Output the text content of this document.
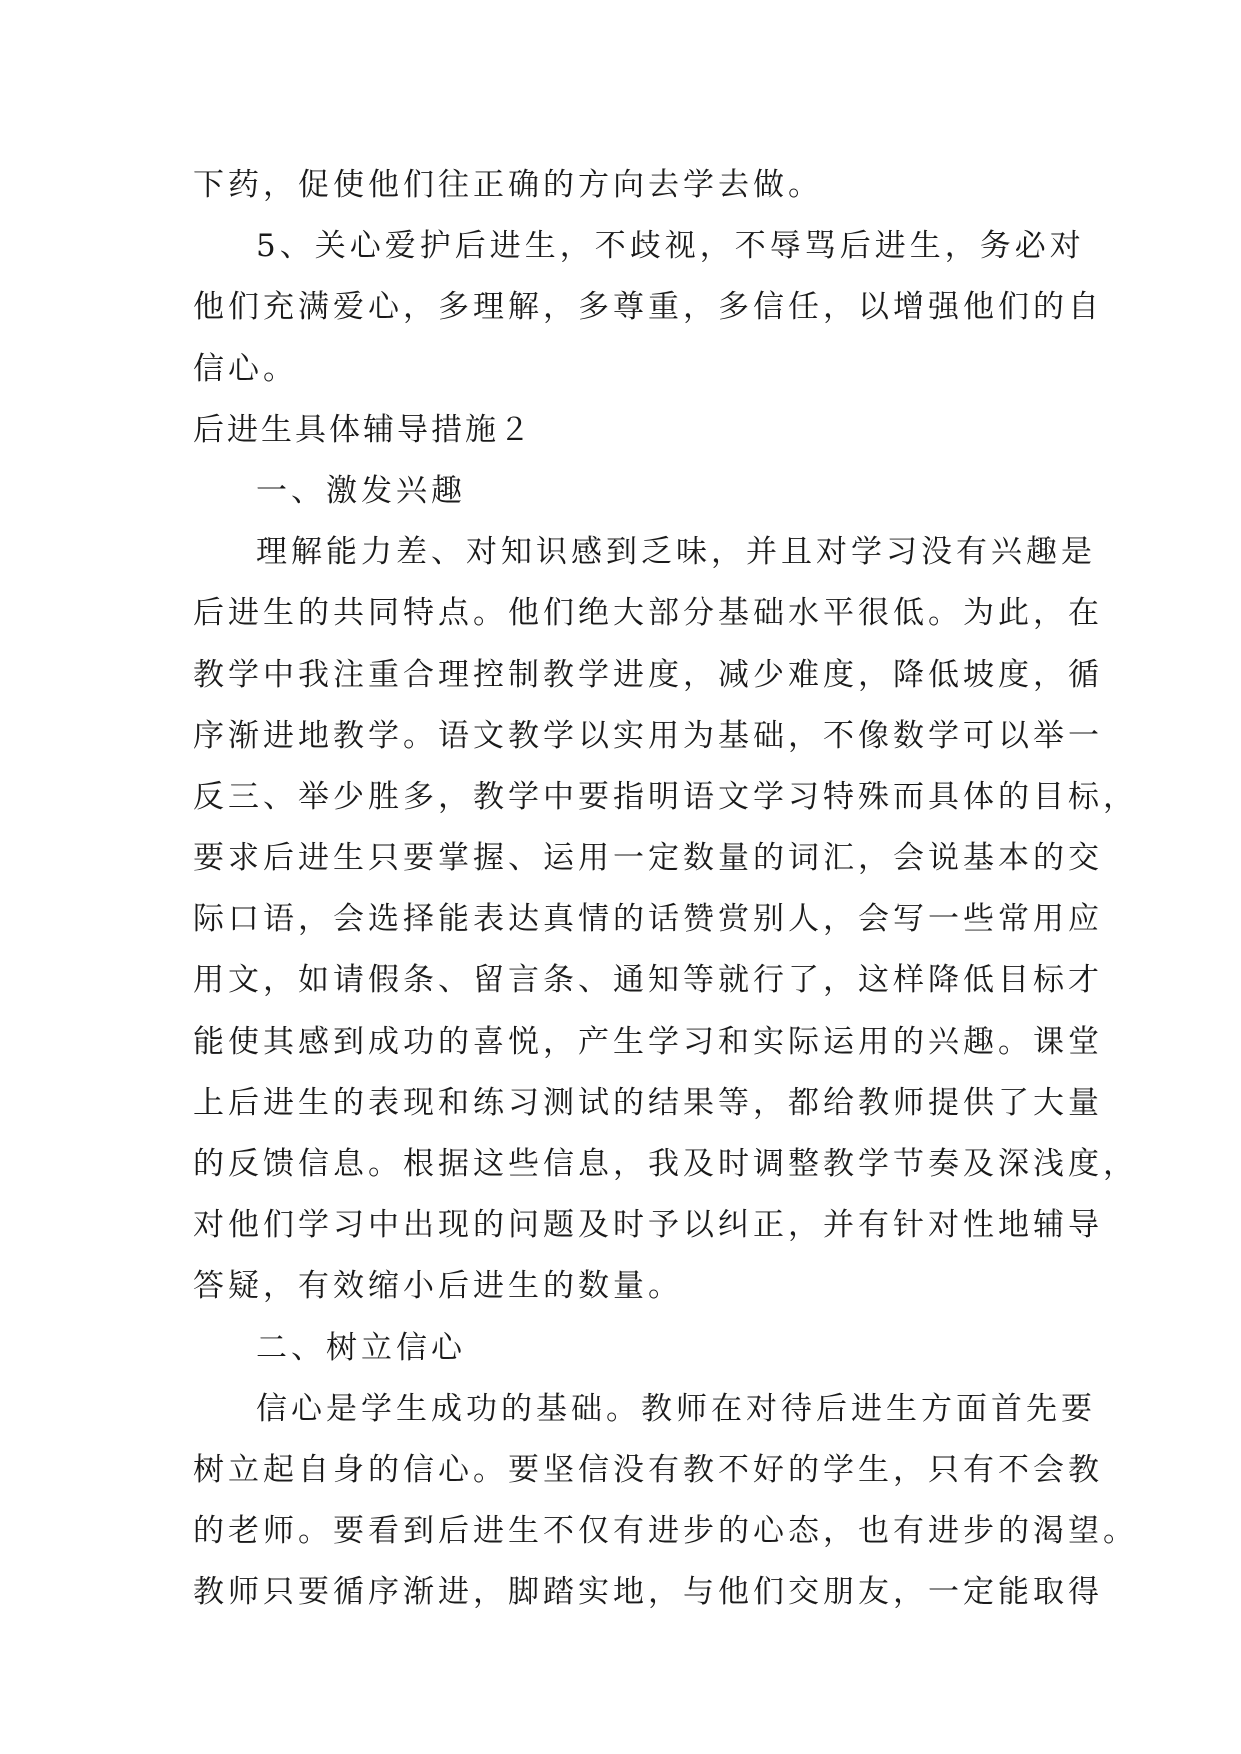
下药，促使他们往正确的方向去学去做。
5、关心爱护后进生，不歧视，不辱骂后进生，务必对
他们充满爱心，多理解，多尊重，多信任，以增强他们的自
信心。
后进生具体辅导措施２
一、激发兴趣
理解能力差、对知识感到乏味，并且对学习没有兴趣是
后进生的共同特点。他们绝大部分基础水平很低。为此，在
教学中我注重合理控制教学进度，减少难度，降低坡度，循
序渐进地教学。语文教学以实用为基础，不像数学可以举一
反三、举少胜多，教学中要指明语文学习特殊而具体的目标，
要求后进生只要掌握、运用一定数量的词汇，会说基本的交
际口语，会选择能表达真情的话赞赏别人，会写一些常用应
用文，如请假条、留言条、通知等就行了，这样降低目标才
能使其感到成功的喜悦，产生学习和实际运用的兴趣。课堂
上后进生的表现和练习测试的结果等，都给教师提供了大量
的反馈信息。根据这些信息，我及时调整教学节奏及深浅度，
对他们学习中出现的问题及时予以纠正，并有针对性地辅导
答疑，有效缩小后进生的数量。
二、树立信心
信心是学生成功的基础。教师在对待后进生方面首先要
树立起自身的信心。要坚信没有教不好的学生，只有不会教
的老师。要看到后进生不仅有进步的心态，也有进步的渴望。
教师只要循序渐进，脚踏实地，与他们交朋友，一定能取得
